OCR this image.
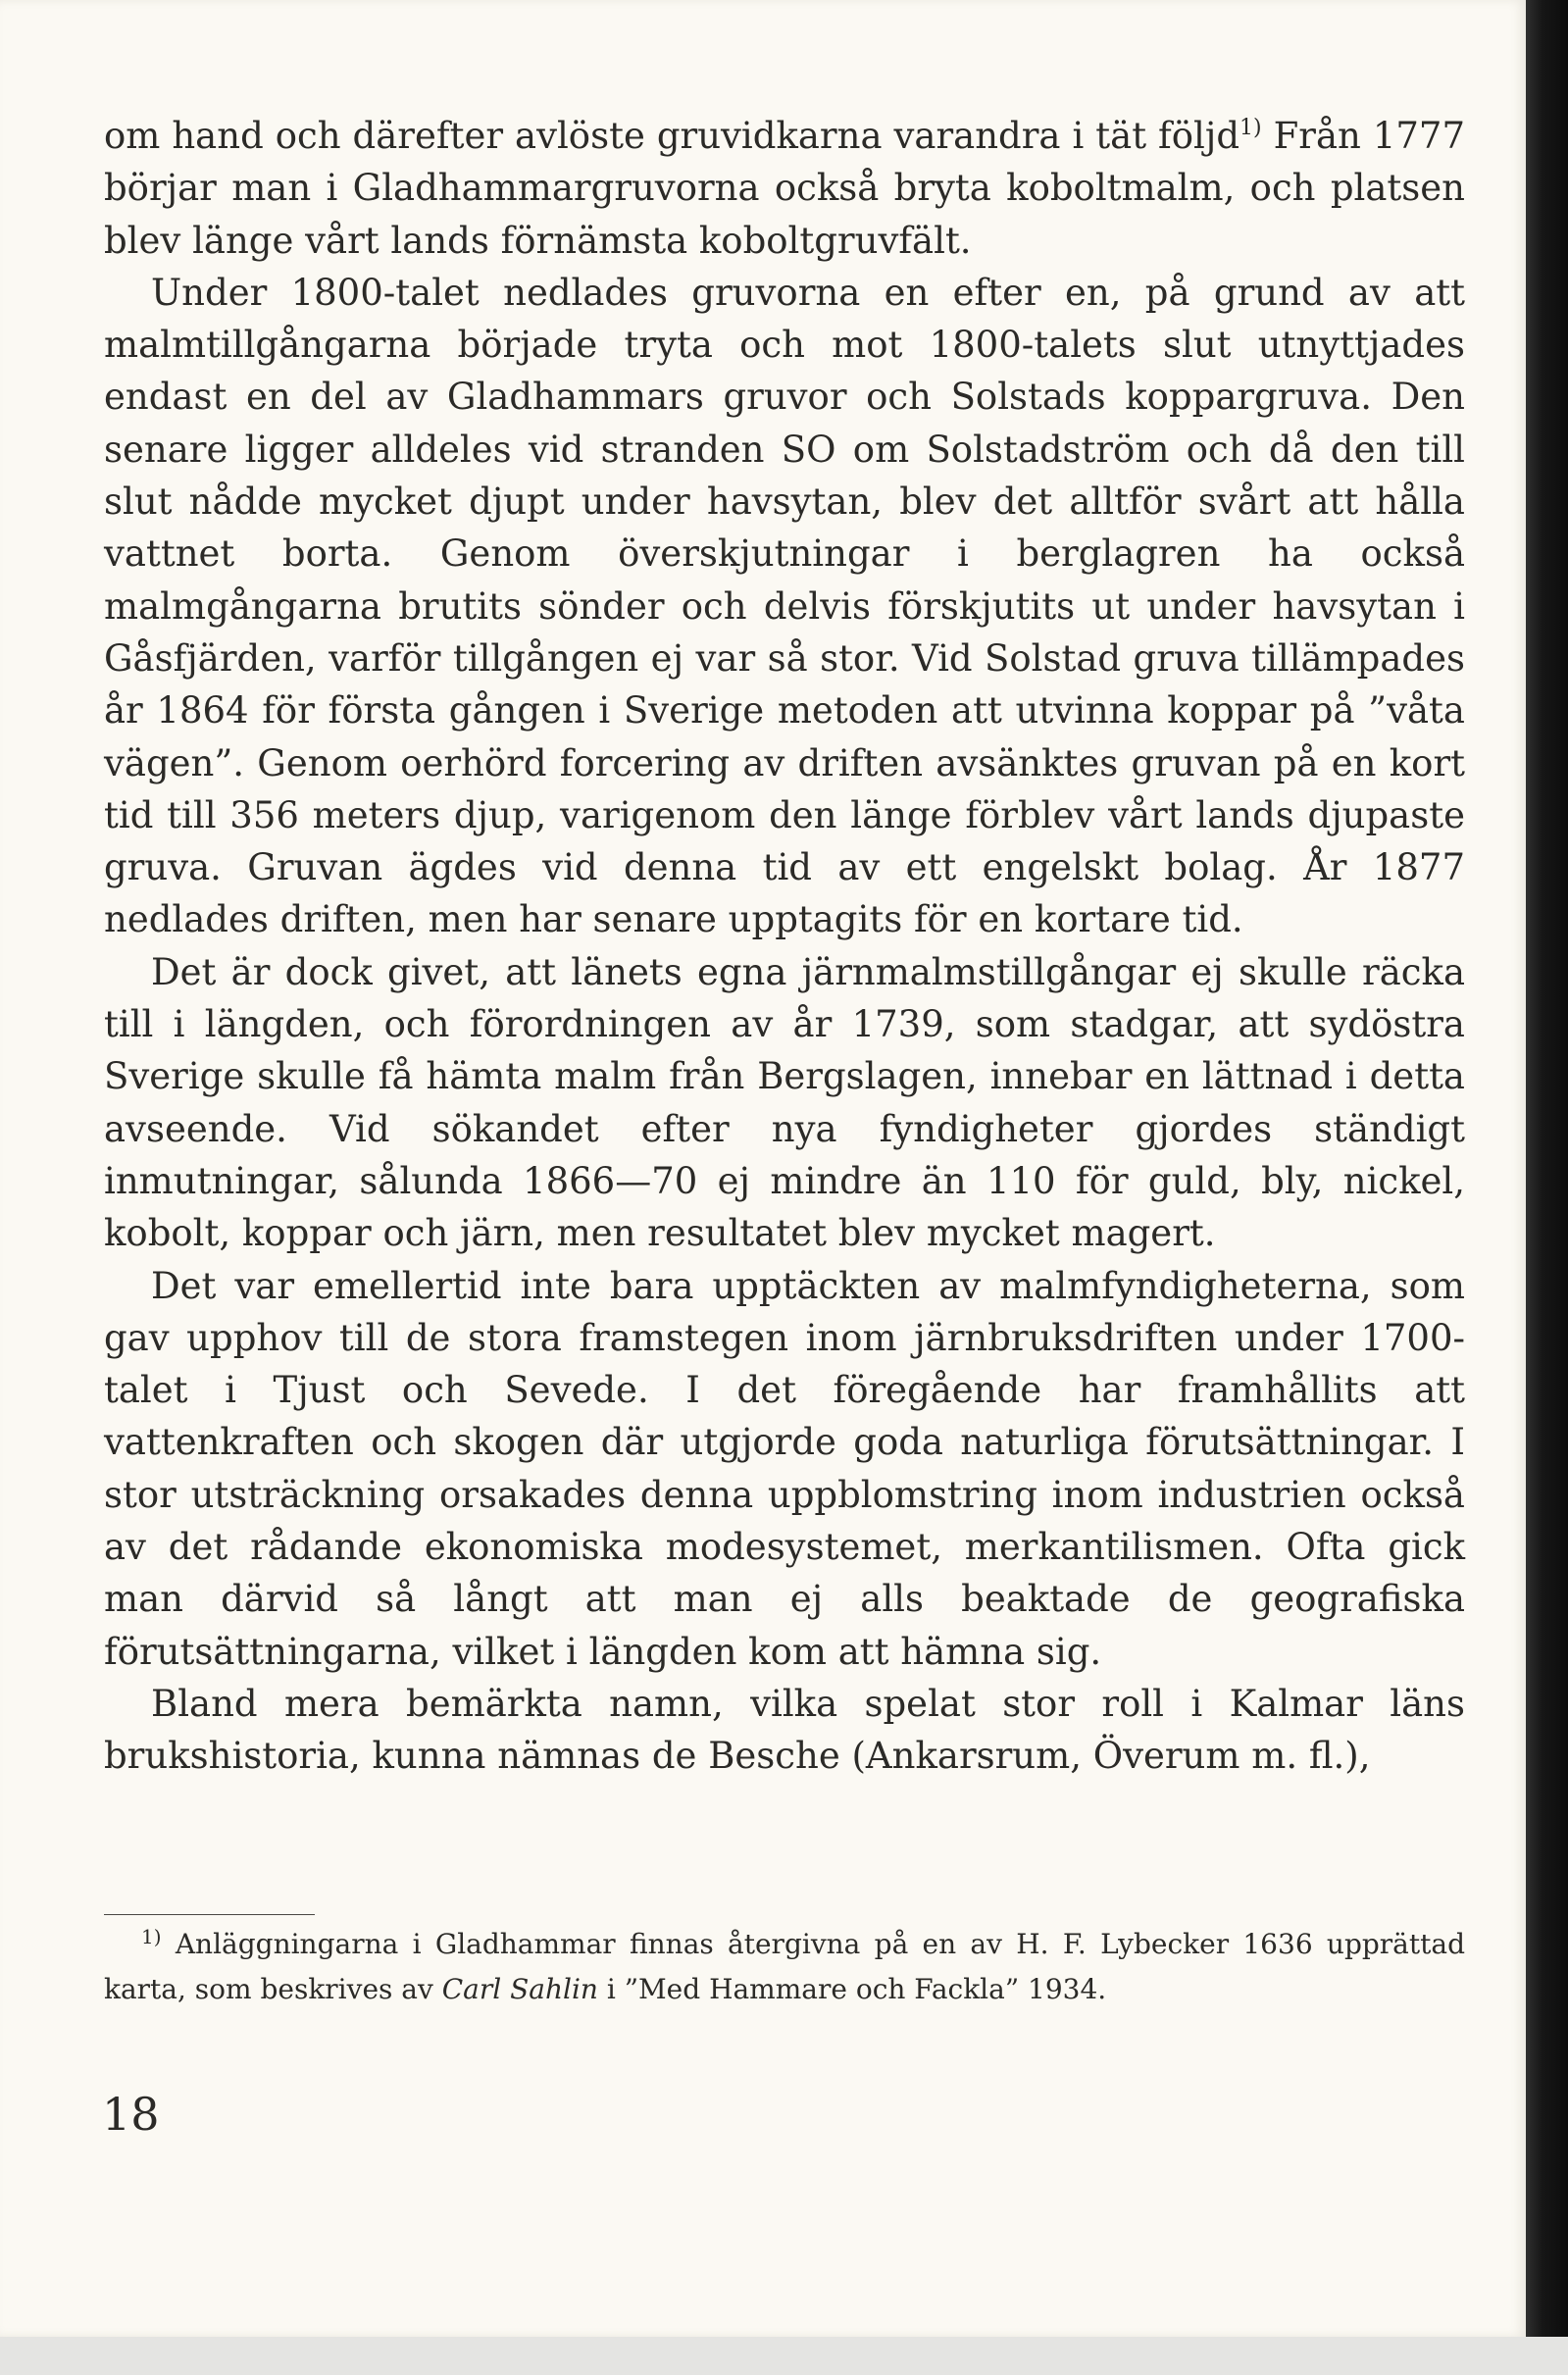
om hand och därefter avlöste gruvidkarna varandra i tät följd$^{1)}$ Från 1777 börjar man i Gladhammargruvorna också bryta koboltmalm, och platsen blev länge vårt lands förnämsta koboltgruvfält.

Under 1800-talet nedlades gruvorna en efter en, på grund av att malmtillgångarna började tryta och mot 1800-talets slut utnyttjades endast en del av Gladhammars gruvor och Solstads koppargruva. Den senare ligger alldeles vid stranden SO om Solstadström och då den till slut nådde mycket djupt under havsytan, blev det alltför svårt att hålla vattnet borta. Genom överskjutningar i berglagren ha också malmgångarna brutits sönder och delvis förskjutits ut under havsytan i Gåsfjärden, varför tillgången ej var så stor. Vid Solstad gruva tillämpades år 1864 för första gången i Sverige metoden att utvinna koppar på ”våta vägen”. Genom oerhörd forcering av driften avsänktes gruvan på en kort tid till 356 meters djup, varigenom den länge förblev vårt lands djupaste gruva. Gruvan ägdes vid denna tid av ett engelskt bolag. År 1877 nedlades driften, men har senare upptagits för en kortare tid.

Det är dock givet, att länets egna järnmalmstillgångar ej skulle räcka till i längden, och förordningen av år 1739, som stadgar, att sydöstra Sverige skulle få hämta malm från Bergslagen, innebar en lättnad i detta avseende. Vid sökandet efter nya fyndigheter gjordes ständigt inmutningar, sålunda 1866—70 ej mindre än 110 för guld, bly, nickel, kobolt, koppar och järn, men resultatet blev mycket magert.

Det var emellertid inte bara upptäckten av malmfyndigheterna, som gav upphov till de stora framstegen inom järnbruksdriften under 1700-talet i Tjust och Sevede. I det föregående har framhållits att vattenkraften och skogen där utgjorde goda naturliga förutsättningar. I stor utsträckning orsakades denna uppblomstring inom industrien också av det rådande ekonomiska modesystemet, merkantilismen. Ofta gick man därvid så långt att man ej alls beaktade de geografiska förutsättningarna, vilket i längden kom att hämna sig.

Bland mera bemärkta namn, vilka spelat stor roll i Kalmar läns brukshistoria, kunna nämnas de Besche (Ankarsrum, Överum m. fl.),

$^{1)}$ Anläggningarna i Gladhammar finnas återgivna på en av H. F. Lybecker 1636 upprättad karta, som beskrives av Carl Sahlin i ”Med Hammare och Fackla” 1934.

18
